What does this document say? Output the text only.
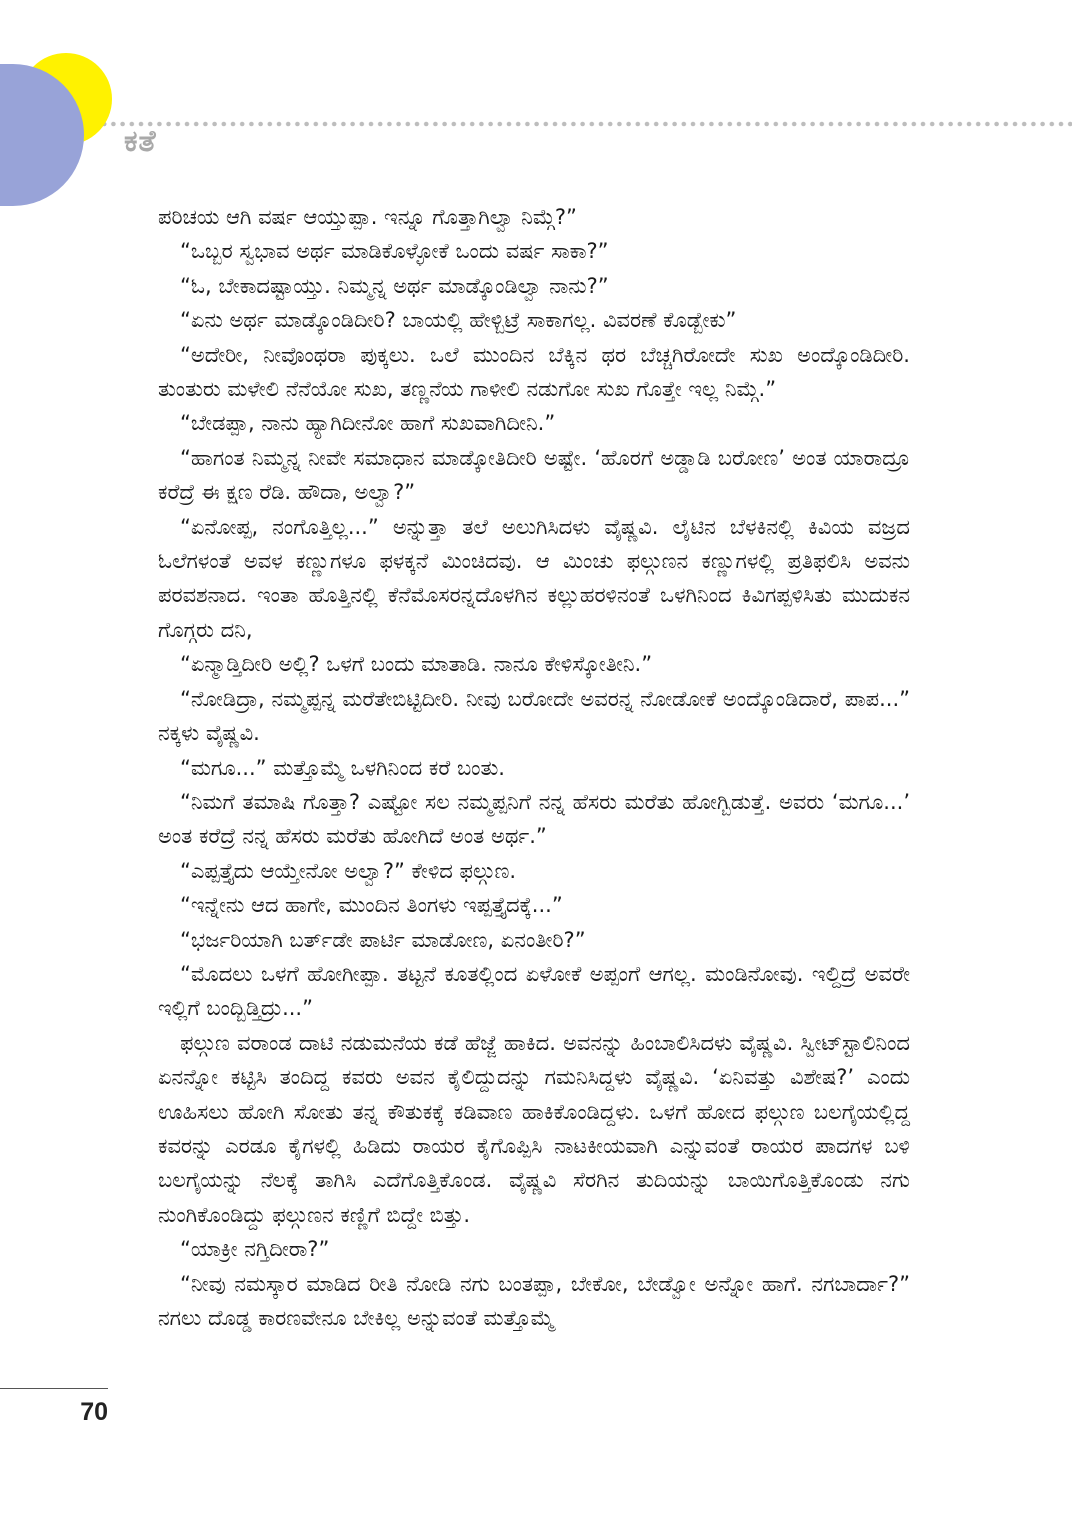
ಕತೆ

ಪರಿಚಯ ಆಗಿ ವರ್ಷ ಆಯ್ತುಪ್ಪಾ. ಇನ್ನೂ ಗೊತ್ತಾಗಿಲ್ವಾ ನಿಮ್ಗೆ?”

“ಒಬ್ಬರ ಸ್ವಭಾವ ಅರ್ಥ ಮಾಡಿಕೊಳ್ಳೋಕೆ ಒಂದು ವರ್ಷ ಸಾಕಾ?”

“ಓ, ಬೇಕಾದಷ್ಟಾಯ್ತು. ನಿಮ್ಮನ್ನ ಅರ್ಥ ಮಾಡ್ಕೊಂಡಿಲ್ವಾ ನಾನು?”

“ಏನು ಅರ್ಥ ಮಾಡ್ಕೊಂಡಿದೀರಿ? ಬಾಯಲ್ಲಿ ಹೇಳ್ಬಿಟ್ರೆ ಸಾಕಾಗಲ್ಲ. ವಿವರಣೆ ಕೊಡ್ಬೇಕು”

“ಅದೇರೀ, ನೀವೊಂಥರಾ ಪುಕ್ಕಲು. ಒಲೆ ಮುಂದಿನ ಬೆಕ್ಕಿನ ಥರ ಬೆಚ್ಚಗಿರೋದೇ ಸುಖ ಅಂದ್ಕೊಂಡಿದೀರಿ. ತುಂತುರು ಮಳೇಲಿ ನೆನೆಯೋ ಸುಖ, ತಣ್ಣನೆಯ ಗಾಳೀಲಿ ನಡುಗೋ ಸುಖ ಗೊತ್ತೇ ಇಲ್ಲ ನಿಮ್ಗೆ.”

“ಬೇಡಪ್ಪಾ, ನಾನು ಹ್ಯಾಗಿದೀನೋ ಹಾಗೆ ಸುಖವಾಗಿದೀನಿ.”

“ಹಾಗಂತ ನಿಮ್ಮನ್ನ ನೀವೇ ಸಮಾಧಾನ ಮಾಡ್ಕೋತಿದೀರಿ ಅಷ್ಟೇ. ‘ಹೊರಗೆ ಅಡ್ಡಾಡಿ ಬರೋಣ’ ಅಂತ ಯಾರಾದ್ರೂ ಕರೆದ್ರೆ ಈ ಕ್ಷಣ ರೆಡಿ. ಹೌದಾ, ಅಲ್ವಾ?”

“ಏನೋಪ್ಪ, ನಂಗೊತ್ತಿಲ್ಲ...” ಅನ್ನುತ್ತಾ ತಲೆ ಅಲುಗಿಸಿದಳು ವೈಷ್ಣವಿ. ಲೈಟಿನ ಬೆಳಕಿನಲ್ಲಿ ಕಿವಿಯ ವಜ್ರದ ಓಲೆಗಳಂತೆ ಅವಳ ಕಣ್ಣುಗಳೂ ಫಳಕ್ಕನೆ ಮಿಂಚಿದವು. ಆ ಮಿಂಚು ಫಲ್ಗುಣನ ಕಣ್ಣುಗಳಲ್ಲಿ ಪ್ರತಿಫಲಿಸಿ ಅವನು ಪರವಶನಾದ. ಇಂತಾ ಹೊತ್ತಿನಲ್ಲಿ ಕೆನೆಮೊಸರನ್ನದೊಳಗಿನ ಕಲ್ಲುಹರಳಿನಂತೆ ಒಳಗಿನಿಂದ ಕಿವಿಗಪ್ಪಳಿಸಿತು ಮುದುಕನ ಗೊಗ್ಗರು ದನಿ,

“ಏನ್ಮಾಡ್ತಿದೀರಿ ಅಲ್ಲಿ? ಒಳಗೆ ಬಂದು ಮಾತಾಡಿ. ನಾನೂ ಕೇಳಿಸ್ಕೋತೀನಿ.”

“ನೋಡಿದ್ರಾ, ನಮ್ಮಪ್ಪನ್ನ ಮರೆತೇಬಿಟ್ಟಿದೀರಿ. ನೀವು ಬರೋದೇ ಅವರನ್ನ ನೋಡೋಕೆ ಅಂದ್ಕೊಂಡಿದಾರೆ, ಪಾಪ...” ನಕ್ಕಳು ವೈಷ್ಣವಿ.

“ಮಗೂ...” ಮತ್ತೊಮ್ಮೆ ಒಳಗಿನಿಂದ ಕರೆ ಬಂತು.

“ನಿಮಗೆ ತಮಾಷಿ ಗೊತ್ತಾ? ಎಷ್ಟೋ ಸಲ ನಮ್ಮಪ್ಪನಿಗೆ ನನ್ನ ಹೆಸರು ಮರೆತು ಹೋಗ್ಬಿಡುತ್ತೆ. ಅವರು ‘ಮಗೂ...’ ಅಂತ ಕರೆದ್ರೆ ನನ್ನ ಹೆಸರು ಮರೆತು ಹೋಗಿದೆ ಅಂತ ಅರ್ಥ.”

“ಎಪ್ಪತ್ತೈದು ಆಯ್ತೇನೋ ಅಲ್ವಾ?” ಕೇಳಿದ ಫಲ್ಗುಣ.

“ಇನ್ನೇನು ಆದ ಹಾಗೇ, ಮುಂದಿನ ತಿಂಗಳು ಇಪ್ಪತ್ತೈದಕ್ಕೆ...”

“ಭರ್ಜರಿಯಾಗಿ ಬರ್ತ್‌ಡೇ ಪಾರ್ಟಿ ಮಾಡೋಣ, ಏನಂತೀರಿ?”

“ಮೊದಲು ಒಳಗೆ ಹೋಗೀಪ್ಪಾ. ತಟ್ಟನೆ ಕೂತಲ್ಲಿಂದ ಏಳೋಕೆ ಅಪ್ಪಂಗೆ ಆಗಲ್ಲ. ಮಂಡಿನೋವು. ಇಲ್ದಿದ್ರೆ ಅವರೇ ಇಲ್ಲಿಗೆ ಬಂದ್ಬಿಡ್ತಿದ್ರು...”

ಫಲ್ಗುಣ ವರಾಂಡ ದಾಟಿ ನಡುಮನೆಯ ಕಡೆ ಹೆಜ್ಜೆ ಹಾಕಿದ. ಅವನನ್ನು ಹಿಂಬಾಲಿಸಿದಳು ವೈಷ್ಣವಿ. ಸ್ವೀಟ್‌ಸ್ಟಾಲಿನಿಂದ ಏನನ್ನೋ ಕಟ್ಟಿಸಿ ತಂದಿದ್ದ ಕವರು ಅವನ ಕೈಲಿದ್ದುದನ್ನು ಗಮನಿಸಿದ್ದಳು ವೈಷ್ಣವಿ. ‘ಏನಿವತ್ತು ವಿಶೇಷ?’ ಎಂದು ಊಹಿಸಲು ಹೋಗಿ ಸೋತು ತನ್ನ ಕೌತುಕಕ್ಕೆ ಕಡಿವಾಣ ಹಾಕಿಕೊಂಡಿದ್ದಳು. ಒಳಗೆ ಹೋದ ಫಲ್ಗುಣ ಬಲಗೈಯಲ್ಲಿದ್ದ ಕವರನ್ನು ಎರಡೂ ಕೈಗಳಲ್ಲಿ ಹಿಡಿದು ರಾಯರ ಕೈಗೊಪ್ಪಿಸಿ ನಾಟಕೀಯವಾಗಿ ಎನ್ನುವಂತೆ ರಾಯರ ಪಾದಗಳ ಬಳಿ ಬಲಗೈಯನ್ನು ನೆಲಕ್ಕೆ ತಾಗಿಸಿ ಎದೆಗೊತ್ತಿಕೊಂಡ. ವೈಷ್ಣವಿ ಸೆರಗಿನ ತುದಿಯನ್ನು ಬಾಯಿಗೊತ್ತಿಕೊಂಡು ನಗು ನುಂಗಿಕೊಂಡಿದ್ದು ಫಲ್ಗುಣನ ಕಣ್ಣಿಗೆ ಬಿದ್ದೇ ಬಿತ್ತು.

“ಯಾಕ್ರೀ ನಗ್ತಿದೀರಾ?”

“ನೀವು ನಮಸ್ಕಾರ ಮಾಡಿದ ರೀತಿ ನೋಡಿ ನಗು ಬಂತಪ್ಪಾ, ಬೇಕೋ, ಬೇಡ್ವೋ ಅನ್ನೋ ಹಾಗೆ. ನಗಬಾರ್ದಾ?” ನಗಲು ದೊಡ್ಡ ಕಾರಣವೇನೂ ಬೇಕಿಲ್ಲ ಅನ್ನುವಂತೆ ಮತ್ತೊಮ್ಮೆ

70
